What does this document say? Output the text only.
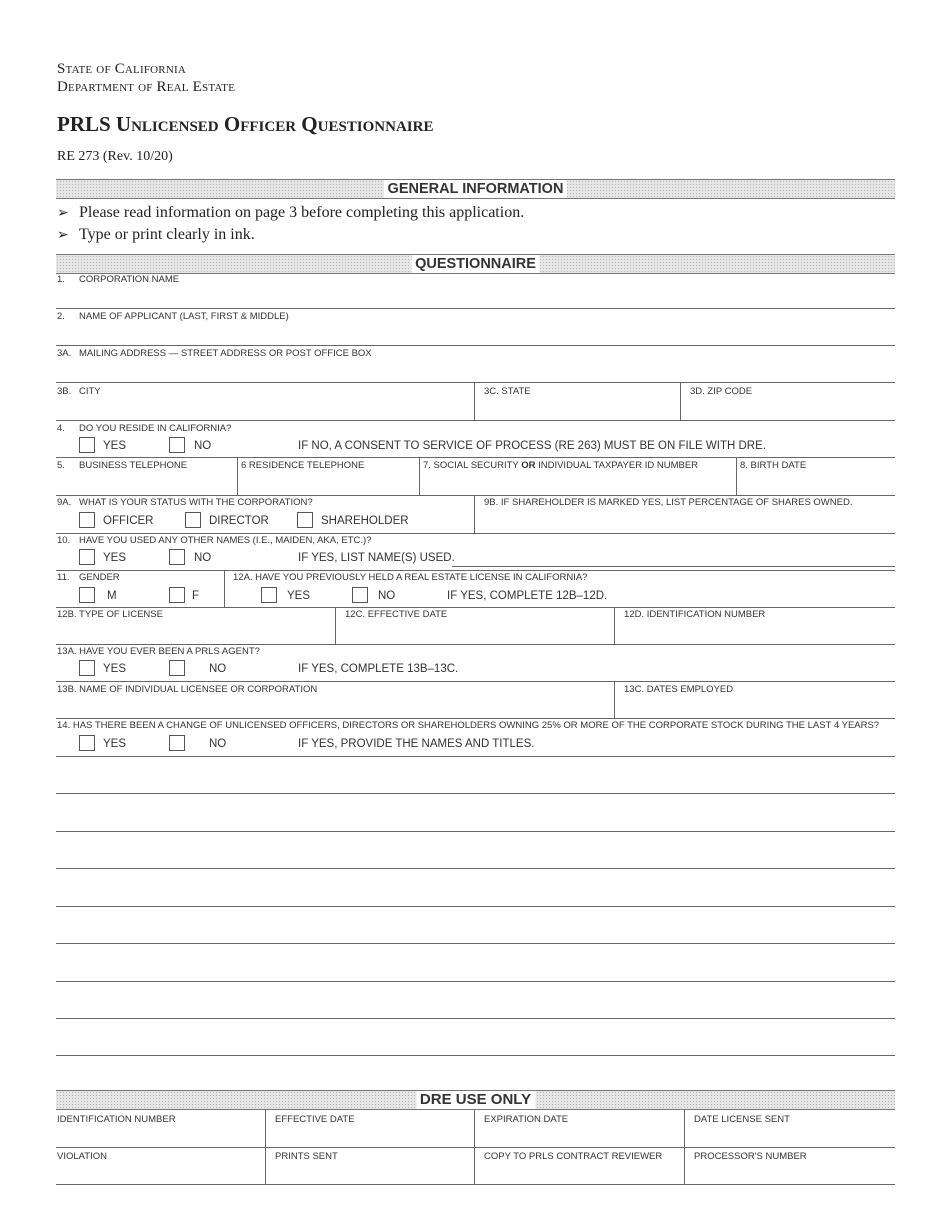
State of California
Department of Real Estate
PRLS Unlicensed Officer Questionnaire
RE 273 (Rev. 10/20)
GENERAL INFORMATION
➢ Please read information on page 3 before completing this application.
➢ Type or print clearly in ink.
QUESTIONNAIRE
1. CORPORATION NAME
2. NAME OF APPLICANT (LAST, FIRST & MIDDLE)
3A. MAILING ADDRESS — STREET ADDRESS OR POST OFFICE BOX
3B. CITY	3C. STATE	3D. ZIP CODE
4. DO YOU RESIDE IN CALIFORNIA?
YES	NO	IF NO, A CONSENT TO SERVICE OF PROCESS (RE 263) MUST BE ON FILE WITH DRE.
5. BUSINESS TELEPHONE	6 RESIDENCE TELEPHONE	7. SOCIAL SECURITY OR INDIVIDUAL TAXPAYER ID NUMBER	8. BIRTH DATE
9A. WHAT IS YOUR STATUS WITH THE CORPORATION?
OFFICER	DIRECTOR	SHAREHOLDER
9B. IF SHAREHOLDER IS MARKED YES, LIST PERCENTAGE OF SHARES OWNED.
10. HAVE YOU USED ANY OTHER NAMES (I.E., MAIDEN, AKA, ETC.)?
YES	NO	IF YES, LIST NAME(S) USED.
11. GENDER
M	F
12A. HAVE YOU PREVIOUSLY HELD A REAL ESTATE LICENSE IN CALIFORNIA?
YES	NO	IF YES, COMPLETE 12B–12D.
12B. TYPE OF LICENSE	12C. EFFECTIVE DATE	12D. IDENTIFICATION NUMBER
13A. HAVE YOU EVER BEEN A PRLS AGENT?
YES	NO	IF YES, COMPLETE 13B–13C.
13B. NAME OF INDIVIDUAL LICENSEE OR CORPORATION	13C. DATES EMPLOYED
14. HAS THERE BEEN A CHANGE OF UNLICENSED OFFICERS, DIRECTORS OR SHAREHOLDERS OWNING 25% OR MORE OF THE CORPORATE STOCK DURING THE LAST 4 YEARS?
YES	NO	IF YES, PROVIDE THE NAMES AND TITLES.
DRE USE ONLY
IDENTIFICATION NUMBER	EFFECTIVE DATE	EXPIRATION DATE	DATE LICENSE SENT
VIOLATION	PRINTS SENT	COPY TO PRLS CONTRACT REVIEWER	PROCESSOR'S NUMBER
